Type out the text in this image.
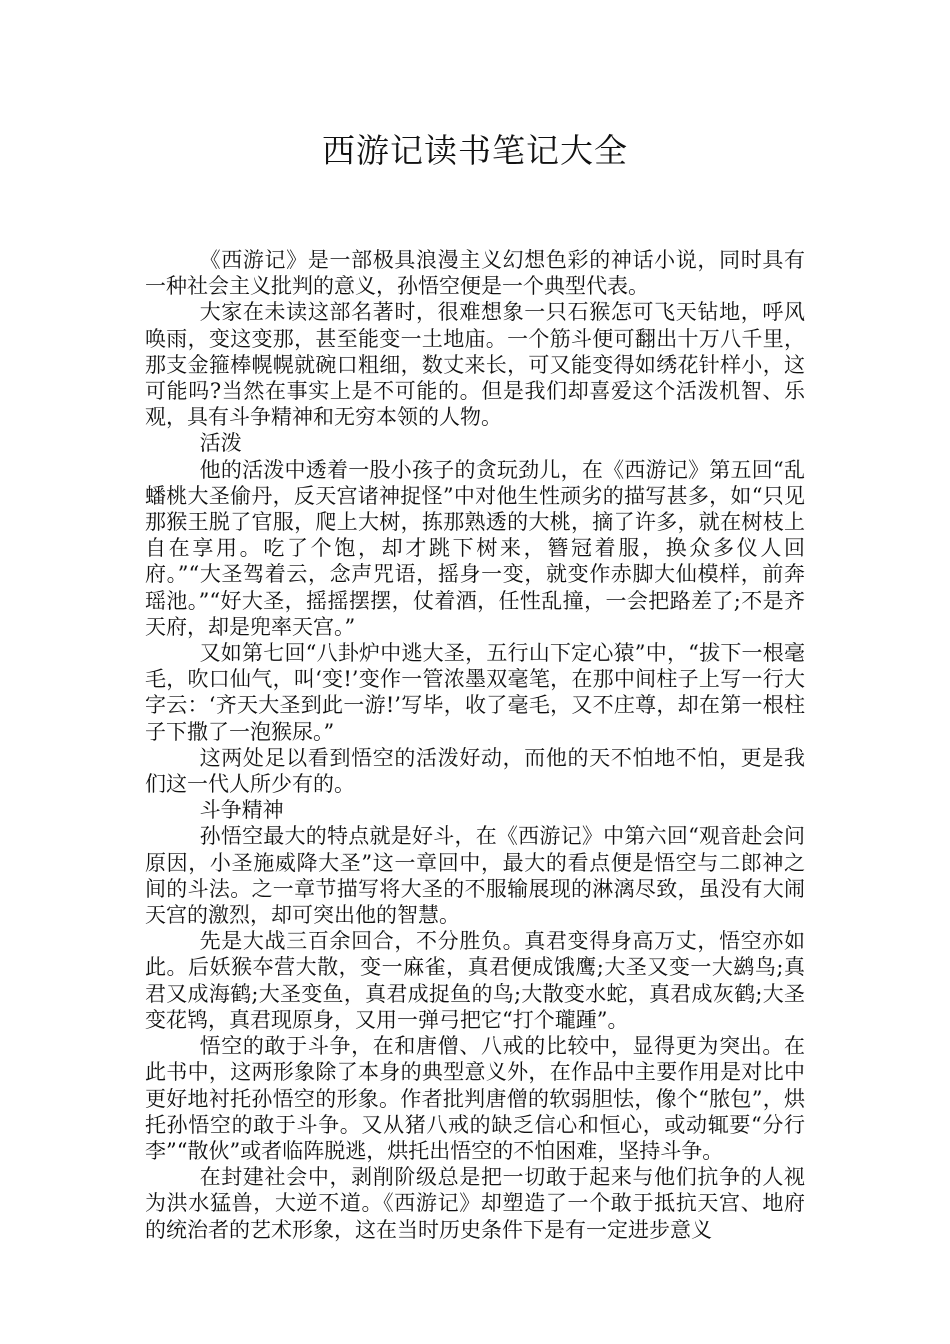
西游记读书笔记大全

《西游记》是一部极具浪漫主义幻想色彩的神话小说，同时具有一种社会主义批判的意义，孙悟空便是一个典型代表。

大家在未读这部名著时，很难想象一只石猴怎可飞天钻地，呼风唤雨，变这变那，甚至能变一土地庙。一个筋斗便可翻出十万八千里，那支金箍棒幌幌就碗口粗细，数丈来长，可又能变得如绣花针样小，这可能吗?当然在事实上是不可能的。但是我们却喜爱这个活泼机智、乐观，具有斗争精神和无穷本领的人物。

活泼

他的活泼中透着一股小孩子的贪玩劲儿，在《西游记》第五回“乱蟠桃大圣偷丹，反天宫诸神捉怪”中对他生性顽劣的描写甚多，如“只见那猴王脱了官服，爬上大树，拣那熟透的大桃，摘了许多，就在树枝上自在享用。吃了个饱，却才跳下树来，簪冠着服，换众多仪人回府。”“大圣驾着云，念声咒语，摇身一变，就变作赤脚大仙模样，前奔瑶池。”“好大圣，摇摇摆摆，仗着酒，任性乱撞，一会把路差了;不是齐天府，却是兜率天宫。”

又如第七回“八卦炉中逃大圣，五行山下定心猿”中，“拔下一根毫毛，吹口仙气，叫‘变!’变作一管浓墨双毫笔，在那中间柱子上写一行大字云：‘齐天大圣到此一游!’写毕，收了毫毛，又不庄尊，却在第一根柱子下撒了一泡猴尿。”

这两处足以看到悟空的活泼好动，而他的天不怕地不怕，更是我们这一代人所少有的。

斗争精神

孙悟空最大的特点就是好斗，在《西游记》中第六回“观音赴会问原因，小圣施威降大圣”这一章回中，最大的看点便是悟空与二郎神之间的斗法。之一章节描写将大圣的不服输展现的淋漓尽致，虽没有大闹天宫的激烈，却可突出他的智慧。

先是大战三百余回合，不分胜负。真君变得身高万丈，悟空亦如此。后妖猴夲营大散，变一麻雀，真君便成饿鹰;大圣又变一大鹚鸟;真君又成海鹤;大圣变鱼，真君成捉鱼的鸟;大散变水蛇，真君成灰鹤;大圣变花鸨，真君现原身，又用一弹弓把它“打个瓏踵”。

悟空的敢于斗争，在和唐僧、八戒的比较中，显得更为突出。在此书中，这两形象除了本身的典型意义外，在作品中主要作用是对比中更好地衬托孙悟空的形象。作者批判唐僧的软弱胆怯，像个“脓包”，烘托孙悟空的敢于斗争。又从猪八戒的缺乏信心和恒心，或动辄要“分行李”“散伙”或者临阵脱逃，烘托出悟空的不怕困难，坚持斗争。

在封建社会中，剥削阶级总是把一切敢于起来与他们抗争的人视为洪水猛兽，大逆不道。《西游记》却塑造了一个敢于抵抗天宫、地府的统治者的艺术形象，这在当时历史条件下是有一定进步意义
